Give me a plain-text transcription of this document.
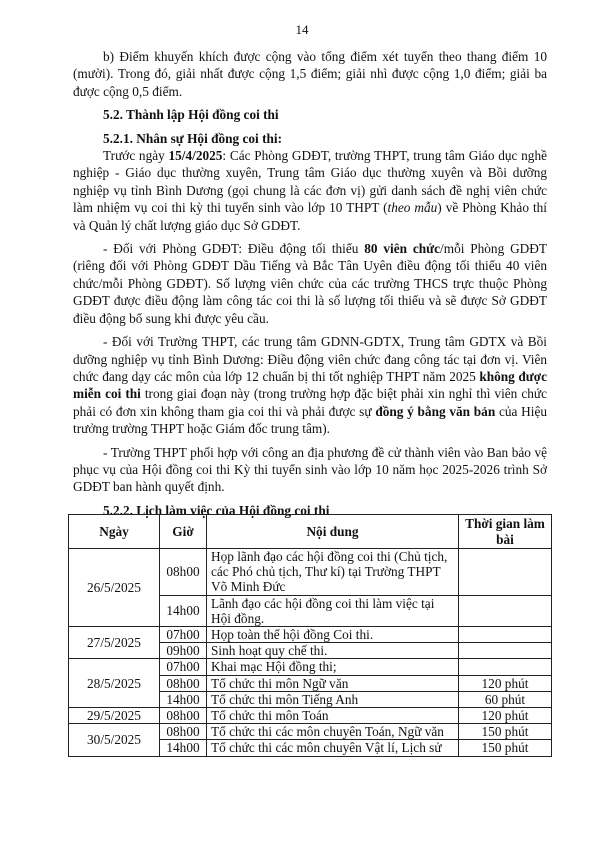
14

b) Điểm khuyến khích được cộng vào tổng điểm xét tuyển theo thang điểm 10 (mười). Trong đó, giải nhất được cộng 1,5 điểm; giải nhì được cộng 1,0 điểm; giải ba được cộng 0,5 điểm.

5.2. Thành lập Hội đồng coi thi

5.2.1. Nhân sự Hội đồng coi thi:

Trước ngày 15/4/2025: Các Phòng GDĐT, trường THPT, trung tâm Giáo dục nghề nghiệp - Giáo dục thường xuyên, Trung tâm Giáo dục thường xuyên và Bồi dưỡng nghiệp vụ tỉnh Bình Dương (gọi chung là các đơn vị) gửi danh sách đề nghị viên chức làm nhiệm vụ coi thi kỳ thi tuyển sinh vào lớp 10 THPT (theo mẫu) về Phòng Khảo thí và Quản lý chất lượng giáo dục Sở GDĐT.

- Đối với Phòng GDĐT: Điều động tối thiểu 80 viên chức/mỗi Phòng GDĐT (riêng đối với Phòng GDĐT Dầu Tiếng và Bắc Tân Uyên điều động tối thiểu 40 viên chức/mỗi Phòng GDĐT). Số lượng viên chức của các trường THCS trực thuộc Phòng GDĐT được điều động làm công tác coi thi là số lượng tối thiểu và sẽ được Sở GDĐT điều động bổ sung khi được yêu cầu.

- Đối với Trường THPT, các trung tâm GDNN-GDTX, Trung tâm GDTX và Bồi dưỡng nghiệp vụ tỉnh Bình Dương: Điều động viên chức đang công tác tại đơn vị. Viên chức đang dạy các môn của lớp 12 chuẩn bị thi tốt nghiệp THPT năm 2025 không được miễn coi thi trong giai đoạn này (trong trường hợp đặc biệt phải xin nghỉ thì viên chức phải có đơn xin không tham gia coi thi và phải được sự đồng ý bằng văn bản của Hiệu trưởng trường THPT hoặc Giám đốc trung tâm).

- Trường THPT phối hợp với công an địa phương đề cử thành viên vào Ban bảo vệ phục vụ của Hội đồng coi thi Kỳ thi tuyển sinh vào lớp 10 năm học 2025-2026 trình Sở GDĐT ban hành quyết định.

5.2.2. Lịch làm việc của Hội đồng coi thi

Ngày	Giờ	Nội dung	Thời gian làm bài
26/5/2025	08h00	Họp lãnh đạo các hội đồng coi thi (Chủ tịch, các Phó chủ tịch, Thư kí) tại Trường THPT Võ Minh Đức	
	14h00	Lãnh đạo các hội đồng coi thi làm việc tại Hội đồng.	
27/5/2025	07h00	Họp toàn thể hội đồng Coi thi.	
	09h00	Sinh hoạt quy chế thi.	
28/5/2025	07h00	Khai mạc Hội đồng thi;	
	08h00	Tổ chức thi môn Ngữ văn	120 phút
	14h00	Tổ chức thi môn Tiếng Anh	60 phút
29/5/2025	08h00	Tổ chức thi môn Toán	120 phút
30/5/2025	08h00	Tổ chức thi các môn chuyên Toán, Ngữ văn	150 phút
	14h00	Tổ chức thi các môn chuyên Vật lí, Lịch sử	150 phút
